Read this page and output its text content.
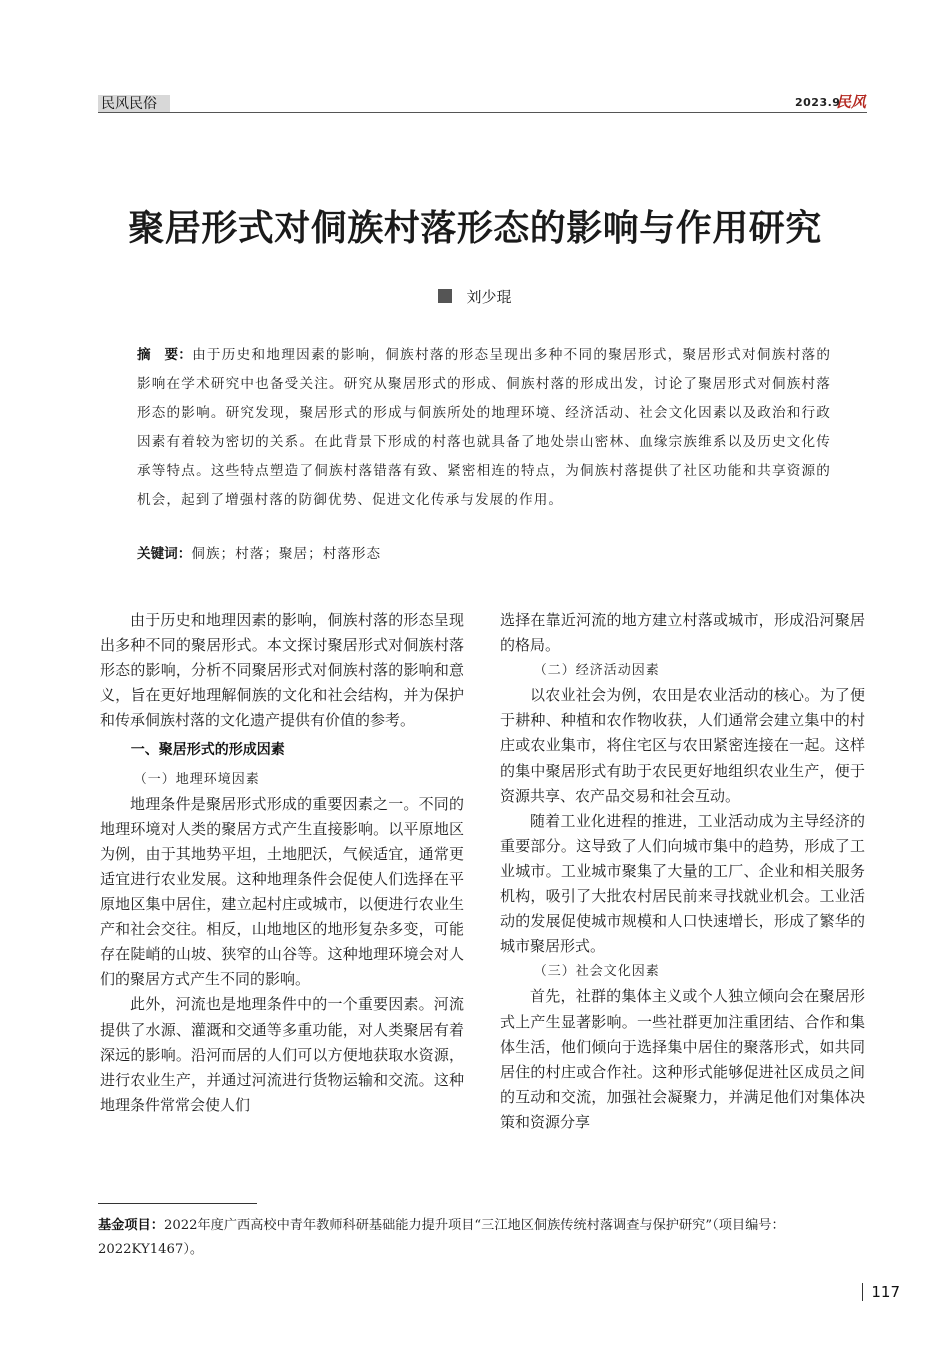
民风民俗	2023.9
民风
聚居形式对侗族村落形态的影响与作用研究
刘少琨
摘　要：由于历史和地理因素的影响，侗族村落的形态呈现出多种不同的聚居形式，聚居形式对侗族村落的影响在学术研究中也备受关注。研究从聚居形式的形成、侗族村落的形成出发，讨论了聚居形式对侗族村落形态的影响。研究发现，聚居形式的形成与侗族所处的地理环境、经济活动、社会文化因素以及政治和行政因素有着较为密切的关系。在此背景下形成的村落也就具备了地处崇山密林、血缘宗族维系以及历史文化传承等特点。这些特点塑造了侗族村落错落有致、紧密相连的特点，为侗族村落提供了社区功能和共享资源的机会，起到了增强村落的防御优势、促进文化传承与发展的作用。
关键词：侗族；村落；聚居；村落形态

由于历史和地理因素的影响，侗族村落的形态呈现出多种不同的聚居形式。本文探讨聚居形式对侗族村落形态的影响，分析不同聚居形式对侗族村落的影响和意义，旨在更好地理解侗族的文化和社会结构，并为保护和传承侗族村落的文化遗产提供有价值的参考。

一、聚居形式的形成因素
（一）地理环境因素

地理条件是聚居形式形成的重要因素之一。不同的地理环境对人类的聚居方式产生直接影响。以平原地区为例，由于其地势平坦，土地肥沃，气候适宜，通常更适宜进行农业发展。这种地理条件会促使人们选择在平原地区集中居住，建立起村庄或城市，以便进行农业生产和社会交往。相反，山地地区的地形复杂多变，可能存在陡峭的山坡、狭窄的山谷等。这种地理环境会对人们的聚居方式产生不同的影响。

此外，河流也是地理条件中的一个重要因素。河流提供了水源、灌溉和交通等多重功能，对人类聚居有着深远的影响。沿河而居的人们可以方便地获取水资源，进行农业生产，并通过河流进行货物运输和交流。这种地理条件常常会使人们

选择在靠近河流的地方建立村落或城市，形成沿河聚居的格局。

（二）经济活动因素

以农业社会为例，农田是农业活动的核心。为了便于耕种、种植和农作物收获，人们通常会建立集中的村庄或农业集市，将住宅区与农田紧密连接在一起。这样的集中聚居形式有助于农民更好地组织农业生产，便于资源共享、农产品交易和社会互动。

随着工业化进程的推进，工业活动成为主导经济的重要部分。这导致了人们向城市集中的趋势，形成了工业城市。工业城市聚集了大量的工厂、企业和相关服务机构，吸引了大批农村居民前来寻找就业机会。工业活动的发展促使城市规模和人口快速增长，形成了繁华的城市聚居形式。

（三）社会文化因素

首先，社群的集体主义或个人独立倾向会在聚居形式上产生显著影响。一些社群更加注重团结、合作和集体生活，他们倾向于选择集中居住的聚落形式，如共同居住的村庄或合作社。这种形式能够促进社区成员之间的互动和交流，加强社会凝聚力，并满足他们对集体决策和资源分享

基金项目：2022年度广西高校中青年教师科研基础能力提升项目“三江地区侗族传统村落调查与保护研究”（项目编号：2022KY1467）。
117
